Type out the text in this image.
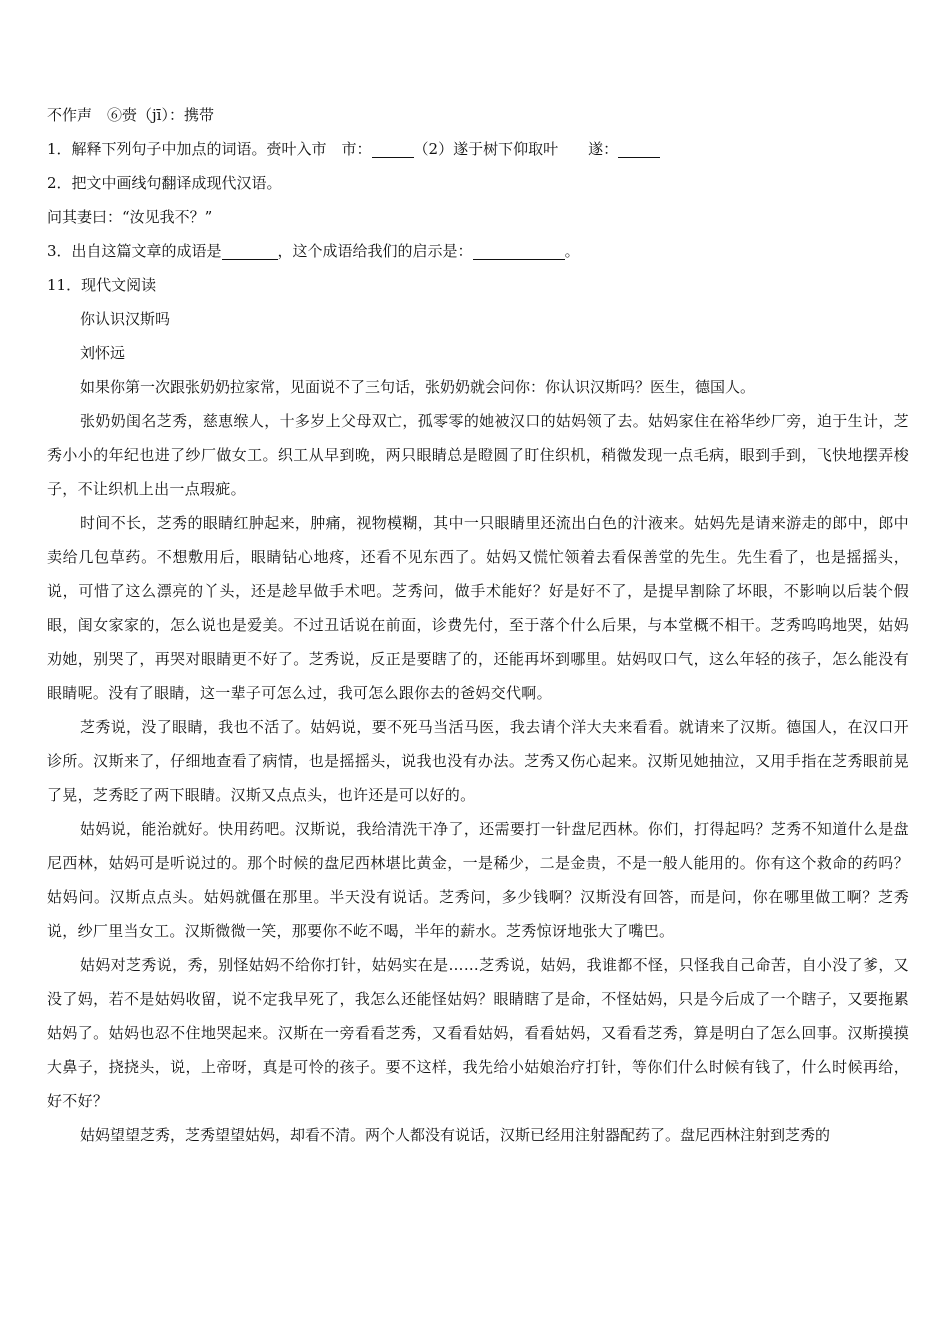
不作声　⑥赍（jī）：携带
1．解释下列句子中加点的词语。赍叶入市　市：	（2）遂于树下仰取叶　　遂：
2．把文中画线句翻译成现代汉语。
问其妻曰：“汝见我不？”
3．出自这篇文章的成语是	，这个成语给我们的启示是：	。
11．现代文阅读
你认识汉斯吗
刘怀远

如果你第一次跟张奶奶拉家常，见面说不了三句话，张奶奶就会问你：你认识汉斯吗？医生，德国人。

张奶奶闺名芝秀，慈恵缑人，十多岁上父母双亡，孤零零的她被汉口的姑妈领了去。姑妈家住在裕华纱厂旁，迫于生计，芝秀小小的年纪也进了纱厂做女工。织工从早到晚，两只眼睛总是瞪圆了盯住织机，稍微发现一点毛病，眼到手到，飞快地摆弄梭子，不让织机上出一点瑕疵。

时间不长，芝秀的眼睛红肿起来，肿痛，视物模糊，其中一只眼睛里还流出白色的汁液来。姑妈先是请来游走的郎中，郎中卖给几包草药。不想敷用后，眼睛钻心地疼，还看不见东西了。姑妈又慌忙领着去看保善堂的先生。先生看了，也是摇摇头，说，可惜了这么漂亮的丫头，还是趁早做手术吧。芝秀问，做手术能好？好是好不了，是提早割除了坏眼，不影响以后装个假眼，闺女家家的，怎么说也是爱美。不过丑话说在前面，诊费先付，至于落个什么后果，与本堂概不相干。芝秀呜呜地哭，姑妈劝她，别哭了，再哭对眼睛更不好了。芝秀说，反正是要瞎了的，还能再坏到哪里。姑妈叹口气，这么年轻的孩子，怎么能没有眼睛呢。没有了眼睛，这一辈子可怎么过，我可怎么跟你去的爸妈交代啊。

芝秀说，没了眼睛，我也不活了。姑妈说，要不死马当活马医，我去请个洋大夫来看看。就请来了汉斯。德国人，在汉口开诊所。汉斯来了，仔细地查看了病情，也是摇摇头，说我也没有办法。芝秀又伤心起来。汉斯见她抽泣，又用手指在芝秀眼前晃了晃，芝秀眨了两下眼睛。汉斯又点点头，也许还是可以好的。

姑妈说，能治就好。快用药吧。汉斯说，我给清洗干净了，还需要打一针盘尼西林。你们，打得起吗？芝秀不知道什么是盘尼西林，姑妈可是听说过的。那个时候的盘尼西林堪比黄金，一是稀少，二是金贵，不是一般人能用的。你有这个救命的药吗？姑妈问。汉斯点点头。姑妈就僵在那里。半天没有说话。芝秀问，多少钱啊？汉斯没有回答，而是问，你在哪里做工啊？芝秀说，纱厂里当女工。汉斯微微一笑，那要你不屹不喝，半年的薪水。芝秀惊讶地张大了嘴巴。

姑妈对芝秀说，秀，别怪姑妈不给你打针，姑妈实在是……芝秀说，姑妈，我谁都不怪，只怪我自己命苦，自小没了爹，又没了妈，若不是姑妈收留，说不定我早死了，我怎么还能怪姑妈？眼睛瞎了是命，不怪姑妈，只是今后成了一个瞎子，又要拖累姑妈了。姑妈也忍不住地哭起来。汉斯在一旁看看芝秀，又看看姑妈，看看姑妈，又看看芝秀，算是明白了怎么回事。汉斯摸摸大鼻子，挠挠头，说，上帝呀，真是可怜的孩子。要不这样，我先给小姑娘治疗打针，等你们什么时候有钱了，什么时候再给，好不好？

姑妈望望芝秀，芝秀望望姑妈，却看不清。两个人都没有说话，汉斯已经用注射器配药了。盘尼西林注射到芝秀的
